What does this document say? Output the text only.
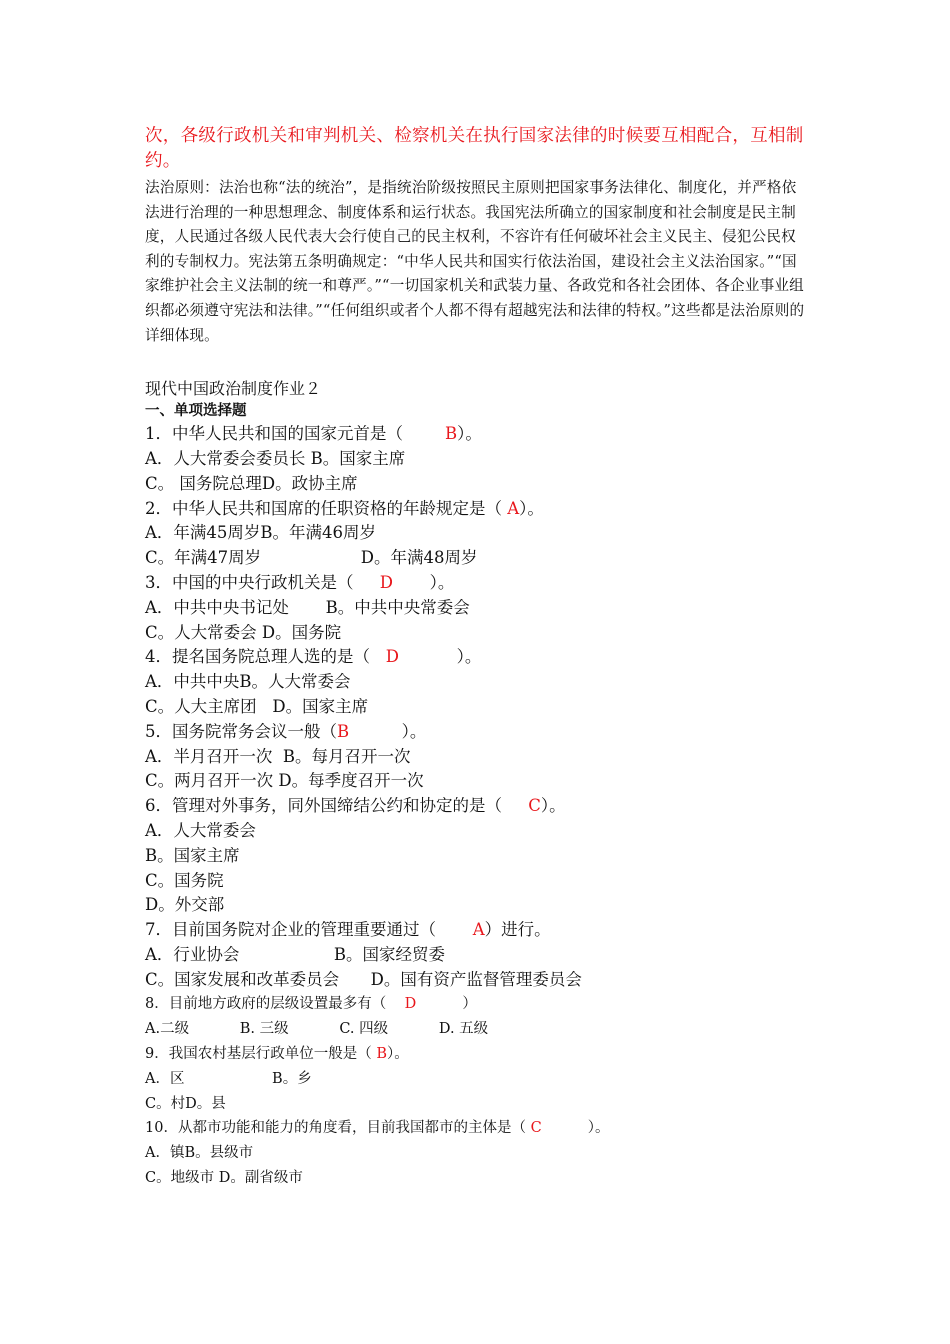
次，各级行政机关和审判机关、检察机关在执行国家法律的时候要互相配合，互相制约。
法治原则：法治也称“法的统治”，是指统治阶级按照民主原则把国家事务法律化、制度化，并严格依法进行治理的一种思想理念、制度体系和运行状态。我国宪法所确立的国家制度和社会制度是民主制度，人民通过各级人民代表大会行使自己的民主权利，不容许有任何破坏社会主义民主、侵犯公民权利的专制权力。宪法第五条明确规定：“中华人民共和国实行依法治国，建设社会主义法治国家。”“国家维护社会主义法制的统一和尊严。”“一切国家机关和武装力量、各政党和各社会团体、各企业事业组织都必须遵守宪法和法律。”“任何组织或者个人都不得有超越宪法和法律的特权。”这些都是法治原则的详细体现。
现代中国政治制度作业２
一、单项选择题
1．中华人民共和国的国家元首是（        B）。
A．人大常委会委员长 B。国家主席
C。 国务院总理D。政协主席
2．中华人民共和国席的任职资格的年龄规定是（ A）。
A．年满45周岁B。年满46周岁
C。年满47周岁                   D。年满48周岁
3．中国的中央行政机关是（     D       ）。
A．中共中央书记处       B。中共中央常委会
C。人大常委会 D。国务院
4．提名国务院总理人选的是（   D           ）。
A．中共中央B。人大常委会
C。人大主席团   D。国家主席
5．国务院常务会议一般（B          ）。
A．半月召开一次  B。每月召开一次
C。两月召开一次 D。每季度召开一次
6．管理对外事务，同外国缔结公约和协定的是（     C）。
A．人大常委会
B。国家主席
C。国务院
D。外交部
7．目前国务院对企业的管理重要通过（       A）进行。
A．行业协会                  B。国家经贸委
C。国家发展和改革委员会      D。国有资产监督管理委员会
8．目前地方政府的层级设置最多有（    D          ）
A.二级           B. 三级           C. 四级           D. 五级
9．我国农村基层行政单位一般是（ B）。
A．区                   B。乡
C。村D。县
10．从都市功能和能力的角度看，目前我国都市的主体是（ C          ）。
A．镇B。县级市
C。地级市 D。副省级市
